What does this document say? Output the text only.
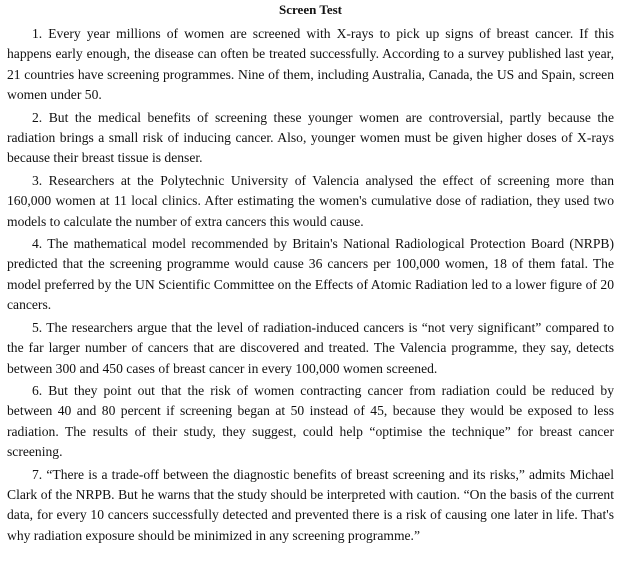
Screen Test

1. Every year millions of women are screened with X-rays to pick up signs of breast cancer. If this happens early enough, the disease can often be treated successfully. According to a survey published last year, 21 countries have screening programmes. Nine of them, including Australia, Canada, the US and Spain, screen women under 50.

2. But the medical benefits of screening these younger women are controversial, partly because the radiation brings a small risk of inducing cancer. Also, younger women must be given higher doses of X-rays because their breast tissue is denser.

3. Researchers at the Polytechnic University of Valencia analysed the effect of screening more than 160,000 women at 11 local clinics. After estimating the women's cumulative dose of radiation, they used two models to calculate the number of extra cancers this would cause.

4. The mathematical model recommended by Britain's National Radiological Protection Board (NRPB) predicted that the screening programme would cause 36 cancers per 100,000 women, 18 of them fatal. The model preferred by the UN Scientific Committee on the Effects of Atomic Radiation led to a lower figure of 20 cancers.

5. The researchers argue that the level of radiation-induced cancers is “not very significant” compared to the far larger number of cancers that are discovered and treated. The Valencia programme, they say, detects between 300 and 450 cases of breast cancer in every 100,000 women screened.

6. But they point out that the risk of women contracting cancer from radiation could be reduced by between 40 and 80 percent if screening began at 50 instead of 45, because they would be exposed to less radiation. The results of their study, they suggest, could help “optimise the technique” for breast cancer screening.

7. “There is a trade-off between the diagnostic benefits of breast screening and its risks,” admits Michael Clark of the NRPB. But he warns that the study should be interpreted with caution. “On the basis of the current data, for every 10 cancers successfully detected and prevented there is a risk of causing one later in life. That's why radiation exposure should be minimized in any screening programme.”
